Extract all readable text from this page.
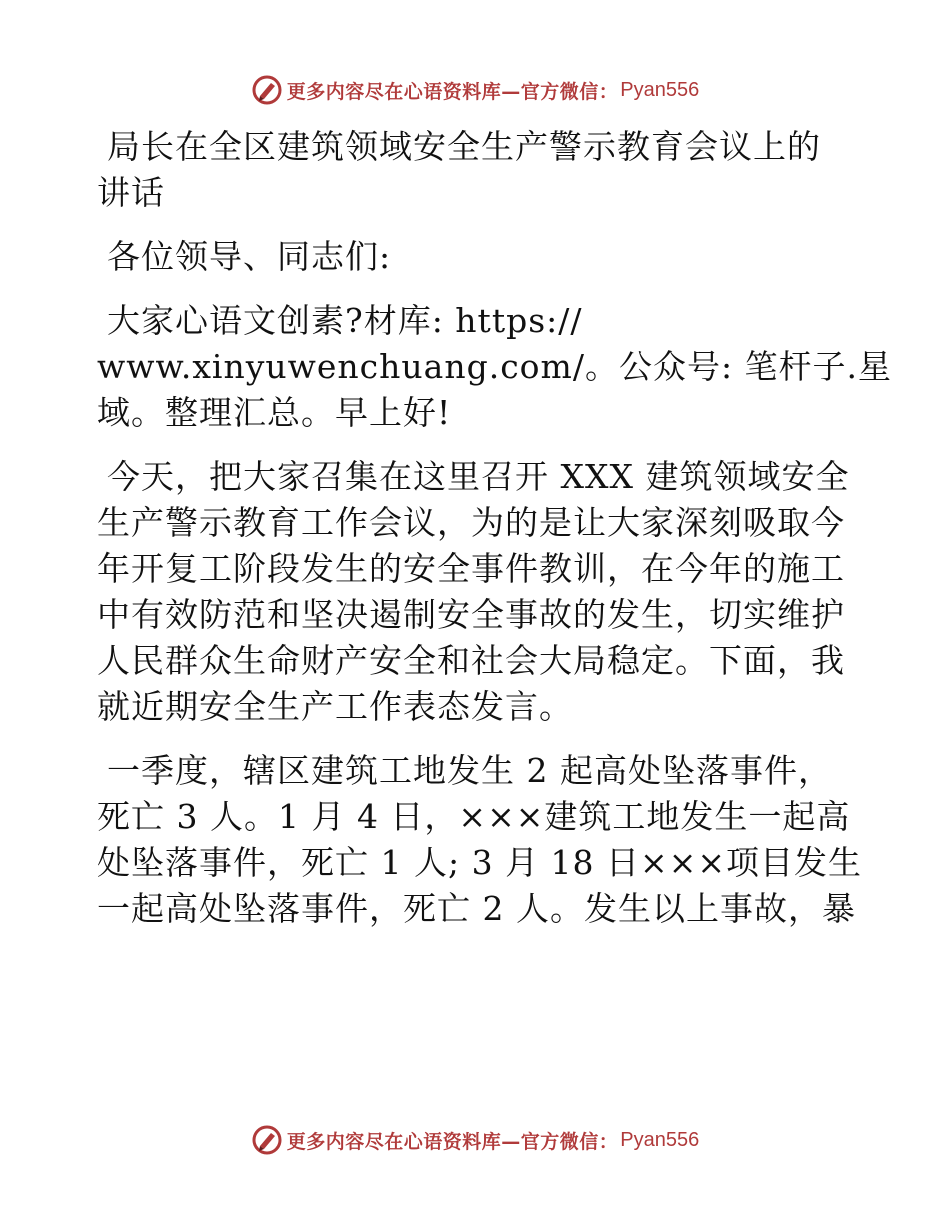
更多内容尽在心语资料库—官方微信： Pyan556

局长在全区建筑领域安全生产警示教育会议上的
讲话

各位领导、同志们:

大家心语文创素?材库: https://
www.xinyuwenchuang.com/。公众号: 笔杆子.星
域。整理汇总。早上好!

今天，把大家召集在这里召开 XXX 建筑领域安全
生产警示教育工作会议，为的是让大家深刻吸取今
年开复工阶段发生的安全事件教训，在今年的施工
中有效防范和坚决遏制安全事故的发生，切实维护
人民群众生命财产安全和社会大局稳定。下面，我
就近期安全生产工作表态发言。

一季度，辖区建筑工地发生 2 起高处坠落事件，
死亡 3 人。1 月 4 日，×××建筑工地发生一起高
处坠落事件，死亡 1 人; 3 月 18 日×××项目发生
一起高处坠落事件，死亡 2 人。发生以上事故，暴

更多内容尽在心语资料库—官方微信： Pyan556
